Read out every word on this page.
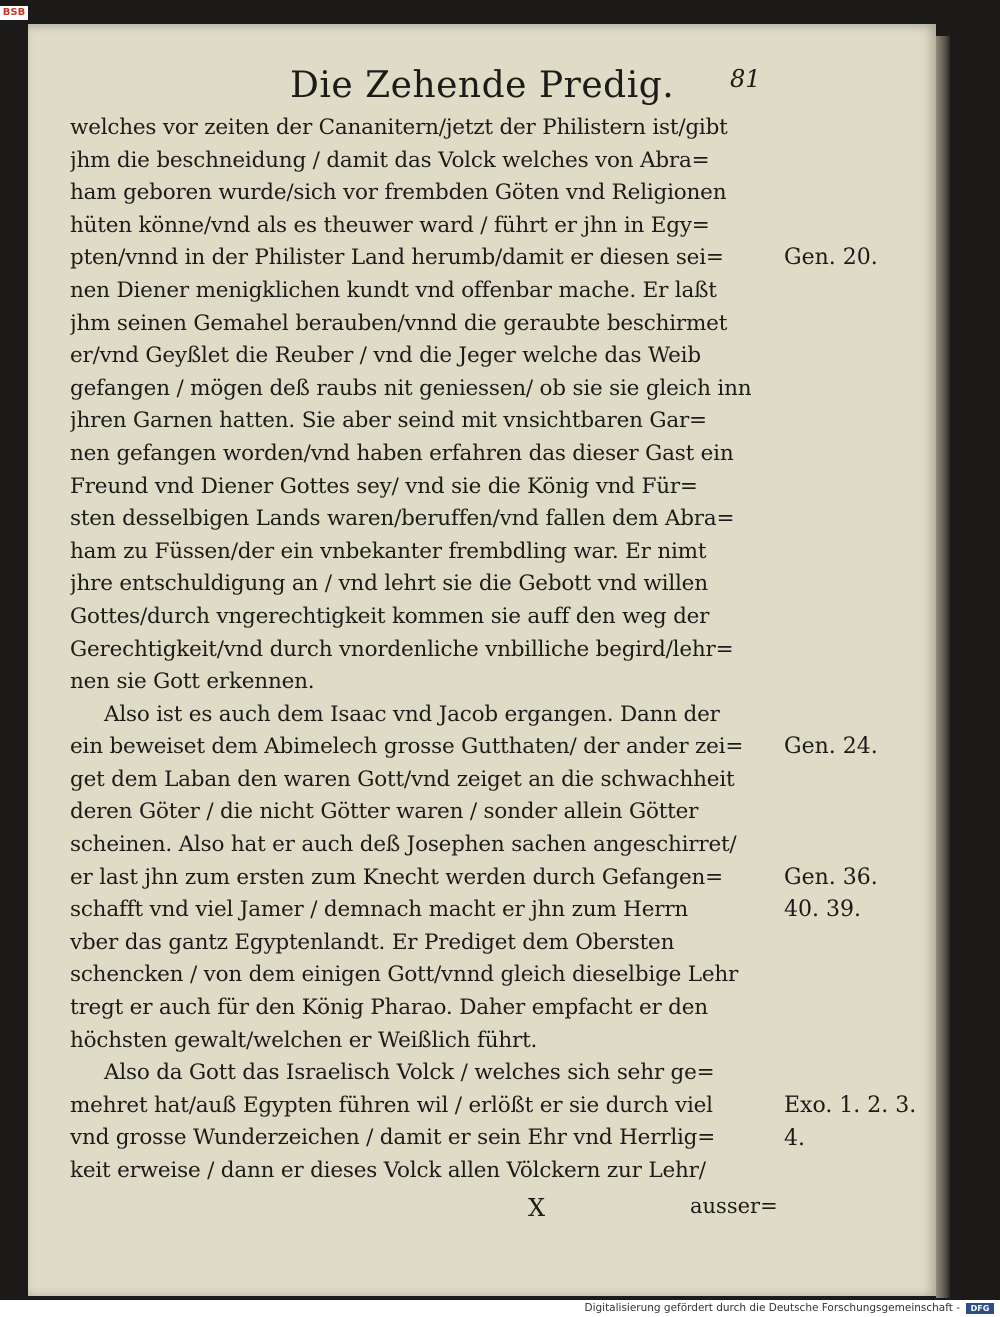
BSB
Die Zehende Predig.	81
welches vor zeiten der Cananitern/jetzt der Philistern ist/gibt
jhm die beschneidung / damit das Volck welches von Abra=
ham geboren wurde/sich vor frembden Göten vnd Religionen
hüten könne/vnd als es theuwer ward / führt er jhn in Egy=
pten/vnnd in der Philister Land herumb/damit er diesen sei=
nen Diener menigklichen kundt vnd offenbar mache. Er laßt
jhm seinen Gemahel berauben/vnnd die geraubte beschirmet
er/vnd Geyßlet die Reuber / vnd die Jeger welche das Weib
gefangen / mögen deß raubs nit geniessen/ ob sie sie gleich inn
jhren Garnen hatten. Sie aber seind mit vnsichtbaren Gar=
nen gefangen worden/vnd haben erfahren das dieser Gast ein
Freund vnd Diener Gottes sey/ vnd sie die König vnd Für=
sten desselbigen Lands waren/beruffen/vnd fallen dem Abra=
ham zu Füssen/der ein vnbekanter frembdling war. Er nimt
jhre entschuldigung an / vnd lehrt sie die Gebott vnd willen
Gottes/durch vngerechtigkeit kommen sie auff den weg der
Gerechtigkeit/vnd durch vnordenliche vnbilliche begird/lehr=
nen sie Gott erkennen.
Also ist es auch dem Isaac vnd Jacob ergangen. Dann der
ein beweiset dem Abimelech grosse Gutthaten/ der ander zei=
get dem Laban den waren Gott/vnd zeiget an die schwachheit
deren Göter / die nicht Götter waren / sonder allein Götter
scheinen. Also hat er auch deß Josephen sachen angeschirret/
er last jhn zum ersten zum Knecht werden durch Gefangen=
schafft vnd viel Jamer / demnach macht er jhn zum Herrn
vber das gantz Egyptenlandt. Er Prediget dem Obersten
schencken / von dem einigen Gott/vnnd gleich dieselbige Lehr
tregt er auch für den König Pharao. Daher empfacht er den
höchsten gewalt/welchen er Weißlich führt.
Also da Gott das Israelisch Volck / welches sich sehr ge=
mehret hat/auß Egypten führen wil / erlößt er sie durch viel
vnd grosse Wunderzeichen / damit er sein Ehr vnd Herrlig=
keit erweise / dann er dieses Volck allen Völckern zur Lehr/
Gen. 20.
Gen. 24.
Gen. 36.
40. 39.
Exo. 1. 2. 3.
4.
X	ausser=
Digitalisierung gefördert durch die Deutsche Forschungsgemeinschaft -	DFG
